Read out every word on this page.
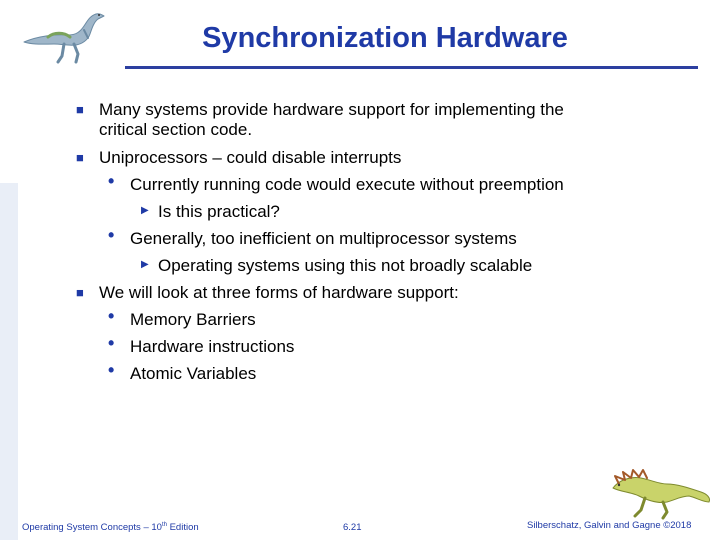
Synchronization Hardware
■ Many systems provide hardware support for implementing the
critical section code.
■ Uniprocessors – could disable interrupts
• Currently running code would execute without preemption
▶ Is this practical?
• Generally, too inefficient on multiprocessor systems
▶ Operating systems using this not broadly scalable
■ We will look at three forms of hardware support:
• Memory Barriers
• Hardware instructions
• Atomic Variables
Operating System Concepts – 10th Edition	6.21	Silberschatz, Galvin and Gagne ©2018
